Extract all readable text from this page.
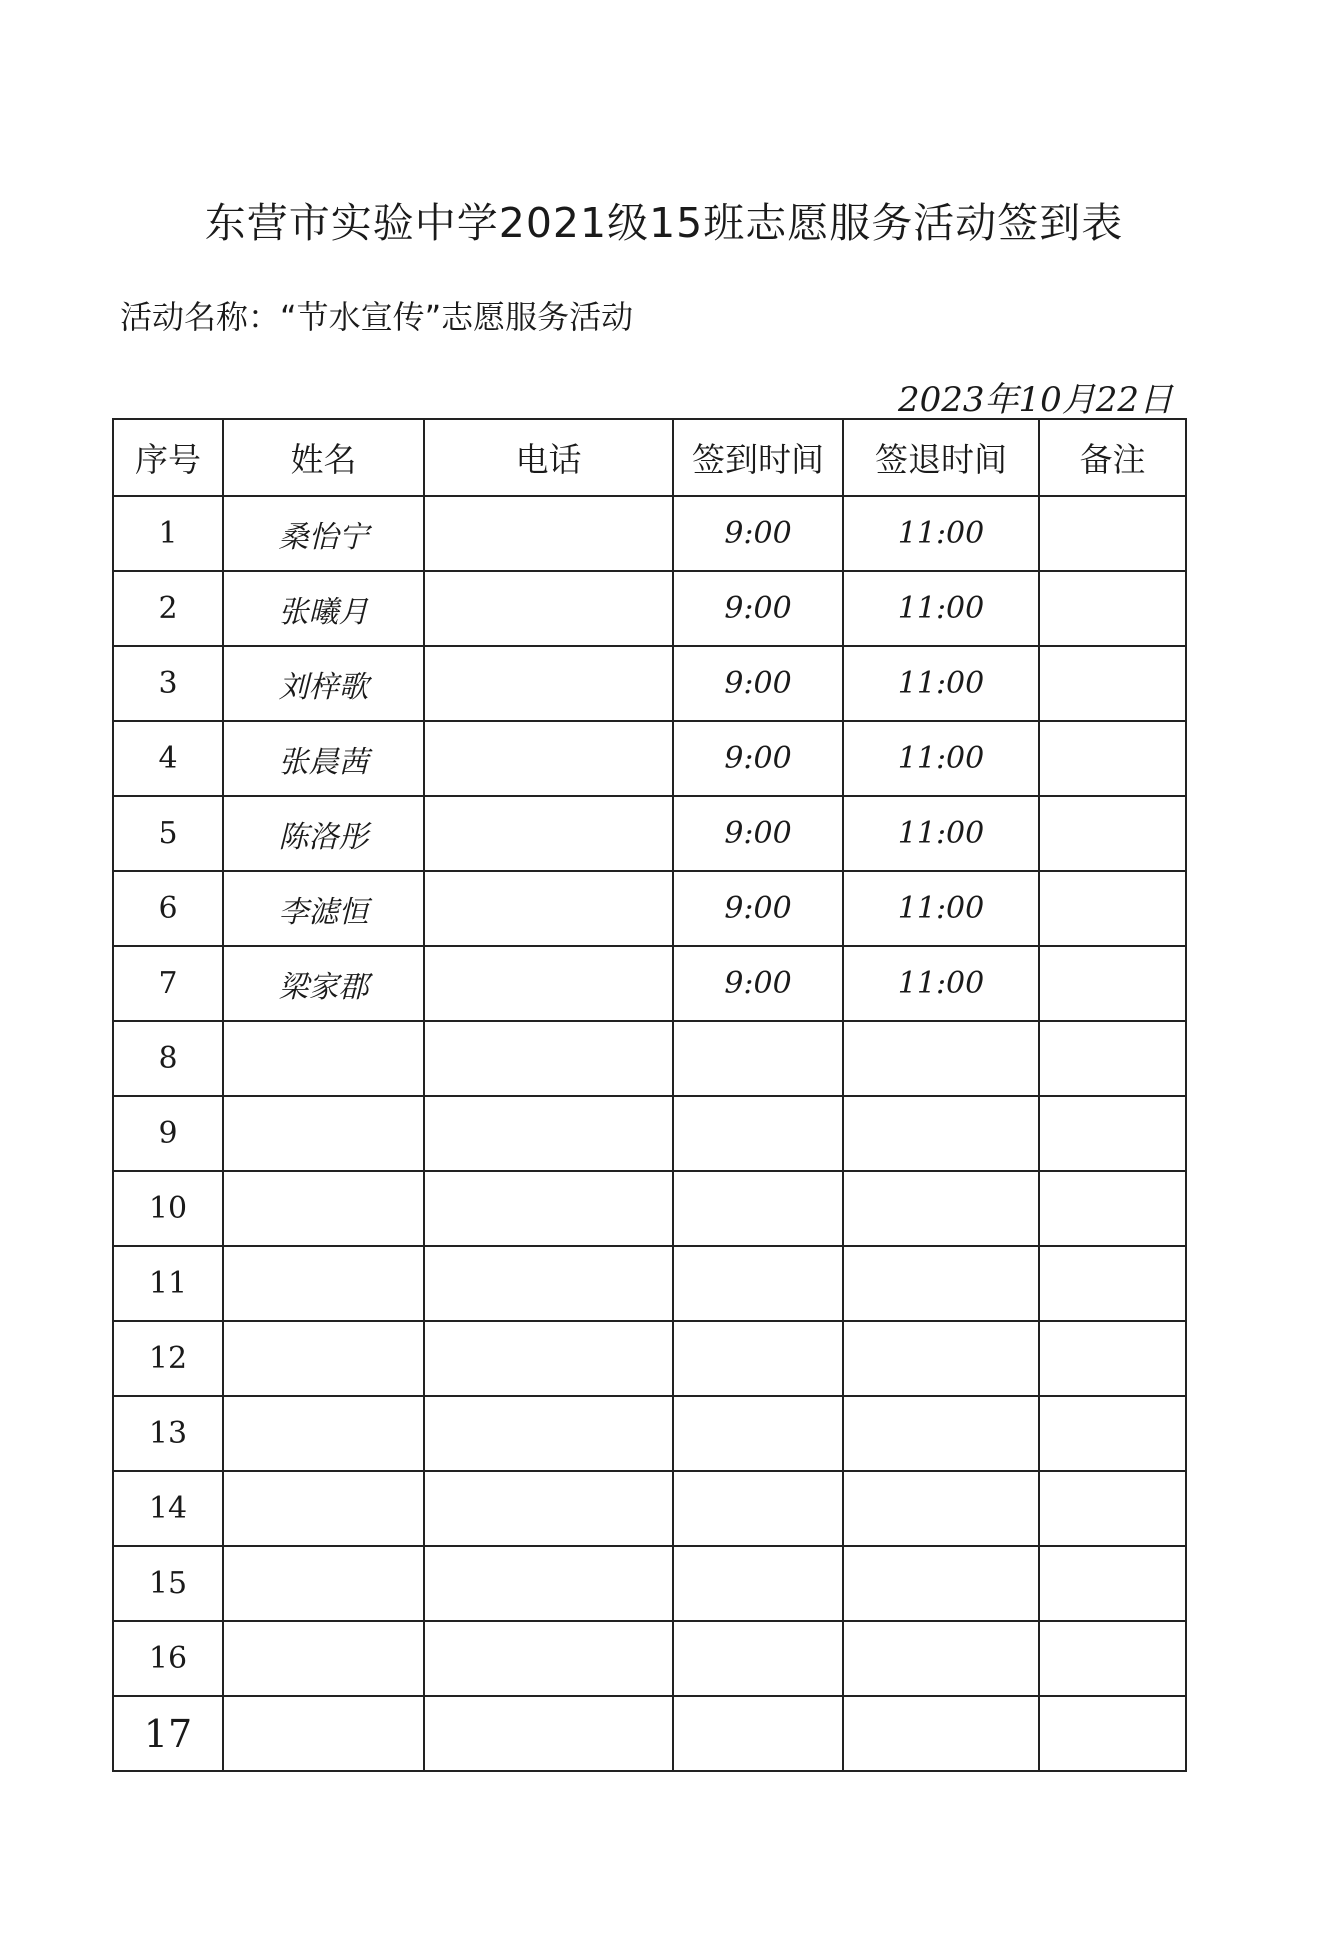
东营市实验中学2021级15班志愿服务活动签到表
活动名称：“节水宣传”志愿服务活动
2023年10月22日
序号	姓名	电话	签到时间	签退时间	备注
1	桑怡宁		9:00	11:00	
2	张曦月		9:00	11:00	
3	刘梓歌		9:00	11:00	
4	张晨茜		9:00	11:00	
5	陈洛彤		9:00	11:00	
6	李滤恒		9:00	11:00	
7	梁家郡		9:00	11:00	
8					
9					
10					
11					
12					
13					
14					
15					
16					
17					
